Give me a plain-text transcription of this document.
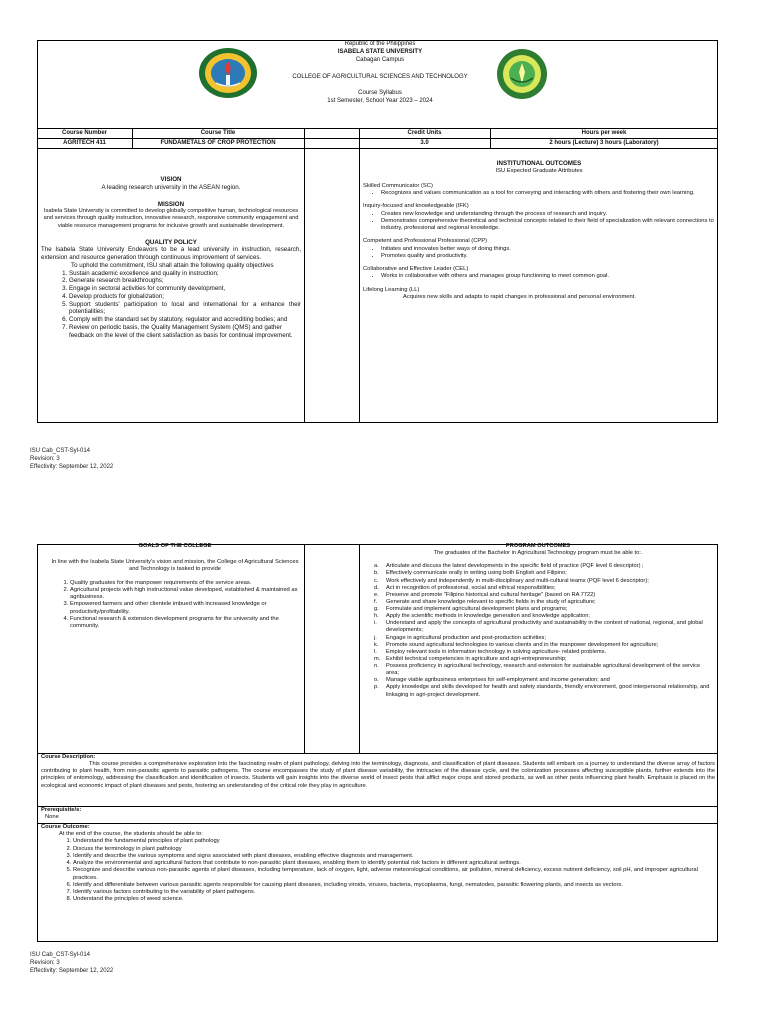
Republic of the Philippines
ISABELA STATE UNIVERSITY
Cabagan Campus
COLLEGE OF AGRICULTURAL SCIENCES AND TECHNOLOGY
Course Syllabus
1st Semester, School Year 2023 – 2024
Course Number	Course Title	Credit Units	Hours per week
AGRITECH 411	FUNDAMETALS OF CROP PROTECTION	3.0	2 hours (Lecture) 3 hours (Laboratory)
VISION
A leading research university in the ASEAN region.
MISSION
Isabela State University is committed to develop globally competitive human, technological resources and services through quality instruction, innovative research, responsive community engagement and viable resource management programs for inclusive growth and sustainable development.
QUALITY POLICY
The Isabela State University Endeavors to be a lead university in instruction, research, extension and resource generation through continuous improvement of services.
To uphold the commitment, ISU shall attain the following quality objectives
1. Sustain academic excellence and quality in instruction;
2. Generate research breakthroughs;
3. Engage in sectoral activities for community development,
4. Develop products for globalization;
5. Support students' participation to local and international for a enhance their potentialities;
6. Comply with the standard set by statutory, regulator and accrediting bodies; and
7. Review on periodic basis, the Quality Management System (QMS) and gather feedback on the level of the client satisfaction as basis for continual improvement.
INSTITUTIONAL OUTCOMES
ISU Expected Graduate Attributes
Skilled Communicator (SC)
• Recognizes and values communication as a tool for conveying and interacting with others and fostering their own learning.
Inquiry-focused and knowledgeable (IFK)
• Creates new knowledge and understanding through the process of research and inquiry.
• Demonstrates comprehensive theoretical and technical concepts related to their field of specialization with relevant connections to industry, professional and regional knowledge.
Competent and Professional Professional (CPP)
• Initiates and innovates better ways of doing things.
• Promotes quality and productivity.
Collaborative and Effective Leader (CEL)
• Works in collaborative with others and manages group functioning to meet common goal.
Lifelong Learning (LL)
Acquires new skills and adapts to rapid changes in professional and personal environment.
ISU Cab_CST-Syl-014
Revision: 3
Effectivity: September 12, 2022
GOALS OF THE COLLEGE
In line with the Isabela State University's vision and mission, the College of Agricultural Sciences and Technology is tasked to provide
1. Quality graduates for the manpower requirements of the service areas.
2. Agricultural projects with high instructional value developed, established & maintained as agribusiness.
3. Empowered farmers and other clientele imbued with increased knowledge or productivity/profitability.
4. Functional research & extension development programs for the university and the community.
PROGRAM OUTCOMES
The graduates of the Bachelor in Agricultural Technology program must be able to:.
a.	Articulate and discuss the latest developments in the specific field of practice (PQF level 6 descriptor) ;
b.	Effectively communicate orally in writing using both English and Filipino;
c.	Work effectively and independently in multi-disciplinary and multi-cultural teams (PQF level 6 descriptor);
d.	Act in recognition of professional, social and ethical responsibilities;
e.	Preserve and promote "Filipino historical and cultural heritage" (based on RA 7722)
f.	Generate and share knowledge relevant to specific fields in the study of agriculture;
g.	Formulate and implement agricultural development plans and programs;
h.	Apply the scientific methods in knowledge generation and knowledge application;
i.	Understand and apply the concepts of agricultural productivity and sustainability in the context of national, regional, and global developments;
j.	Engage in agricultural production and post-production activities;
k.	Promote sound agricultural technologies to various clients and in the manpower development for agriculture;
l.	Employ relevant tools in information technology in solving agriculture- related problems.
m. Exhibit technical competencies in agriculture and agri-entrepreneurship;
n.	Possess proficiency in agricultural technology, research and extension for sustainable agricultural development of the service area;
o.	Manage viable agribusiness enterprises for self-employment and income generation; and
p.	Apply knowledge and skills developed for health and safety standards, friendly environment, good interpersonal relationship, and linkaging in agri-project development.
Course Description:
This course provides a comprehensive exploration into the fascinating realm of plant pathology, delving into the terminology, diagnosis, and classification of plant diseases. Students will embark on a journey to understand the diverse array of factors contributing to plant health, from non-parasitic agents to parasitic pathogens. The course encompasses the study of plant disease variability, the intricacies of the disease cycle, and the colonization processes affecting susceptible plants, further extends into the principles of entomology, addressing the classification and identification of insects. Students will gain insights into the diverse world of insect pests that afflict major crops and stored products, as well as other pests influencing plant health. Emphasis is placed on the ecological and economic impact of plant diseases and pests, fostering an understanding of the critical role they play in agriculture.
Prerequisite/s:
None
Course Outcome:
At the end of the course, the students should be able to:
1. Understand the fundamental principles of plant pathology
2. Discuss the terminology in plant pathology
3. Identify and describe the various symptoms and signs associated with plant diseases, enabling effective diagnosis and management.
4. Analyze the environmental and agricultural factors that contribute to non-parasitic plant diseases, enabling them to identify potential risk factors in different agricultural settings.
5. Recognize and describe various non-parasitic agents of plant diseases, including temperature, lack of oxygen, light, adverse meteorological conditions, air pollution, mineral deficiency, excess nutrient deficiency, soil pH, and improper agricultural practices.
6. Identify and differentiate between various parasitic agents responsible for causing plant diseases, including viroids, viruses, bacteria, mycoplasma, fungi, nematodes, parasitic flowering plants, and insects as vectors.
7. Identify various factors contributing to the variability of plant pathogens.
8. Understand the principles of weed science.
ISU Cab_CST-Syl-014
Revision: 3
Effectivity: September 12, 2022
